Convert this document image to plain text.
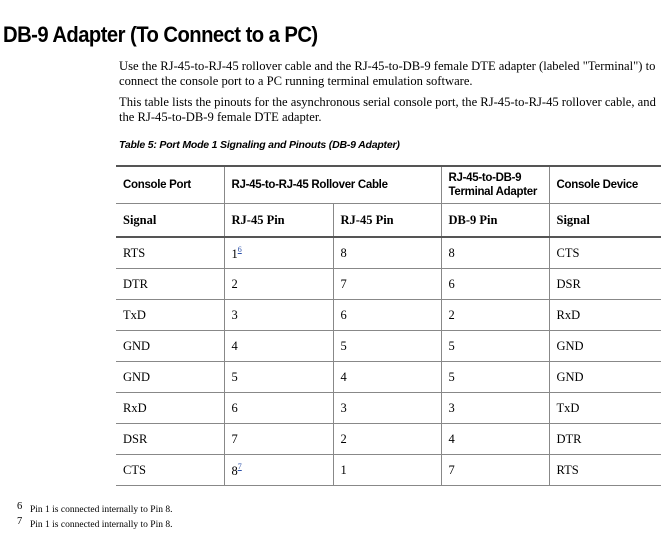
DB-9 Adapter (To Connect to a PC)

Use the RJ-45-to-RJ-45 rollover cable and the RJ-45-to-DB-9 female DTE adapter (labeled "Terminal") to connect the console port to a PC running terminal emulation software.

This table lists the pinouts for the asynchronous serial console port, the RJ-45-to-RJ-45 rollover cable, and the RJ-45-to-DB-9 female DTE adapter.

Table 5: Port Mode 1 Signaling and Pinouts (DB-9 Adapter)

Console Port	RJ-45-to-RJ-45 Rollover Cable		RJ-45-to-DB-9 Terminal Adapter	Console Device
Signal	RJ-45 Pin	RJ-45 Pin	DB-9 Pin	Signal
RTS	1$^6$	8	8	CTS
DTR	2	7	6	DSR
TxD	3	6	2	RxD
GND	4	5	5	GND
GND	5	4	5	GND
RxD	6	3	3	TxD
DSR	7	2	4	DTR
CTS	8$^7$	1	7	RTS

6 Pin 1 is connected internally to Pin 8.

7 Pin 1 is connected internally to Pin 8.
